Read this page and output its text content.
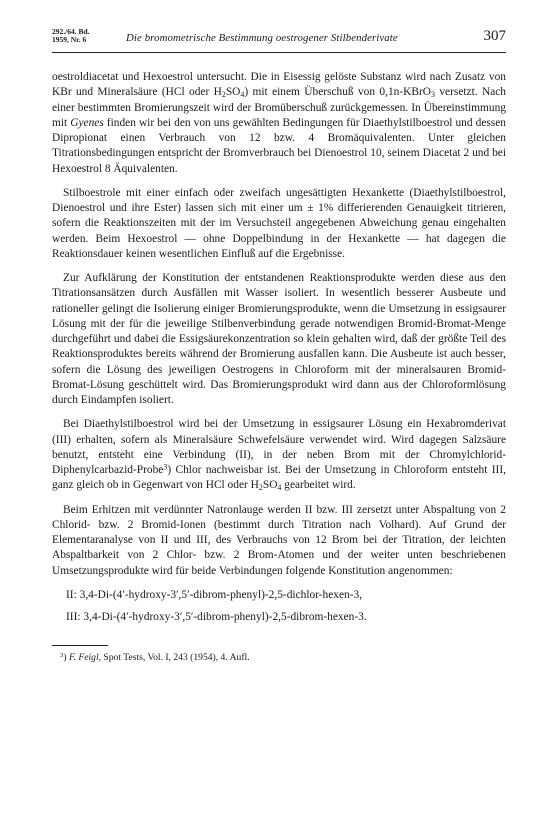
292./64. Bd.
1959, Nr. 6	Die bromometrische Bestimmung oestrogener Stilbenderivate	307

oestroldiacetat und Hexoestrol untersucht. Die in Eisessig gelöste Substanz wird nach Zusatz von KBr und Mineralsäure (HCl oder $H_2SO_4$) mit einem Überschuß von 0,1n-KBrO$_3$ versetzt. Nach einer bestimmten Bromierungszeit wird der Bromüberschuß zurückgemessen. In Übereinstimmung mit Gyenes finden wir bei den von uns gewählten Bedingungen für Diaethylstilboestrol und dessen Dipropionat einen Verbrauch von 12 bzw. 4 Bromäquivalenten. Unter gleichen Titrationsbedingungen entspricht der Bromverbrauch bei Dienoestrol 10, seinem Diacetat 2 und bei Hexoestrol 8 Äquivalenten.

Stilboestrole mit einer einfach oder zweifach ungesättigten Hexankette (Diaethylstilboestrol, Dienoestrol und ihre Ester) lassen sich mit einer um ± 1% differierenden Genauigkeit titrieren, sofern die Reaktionszeiten mit der im Versuchsteil angegebenen Abweichung genau eingehalten werden. Beim Hexoestrol — ohne Doppelbindung in der Hexankette — hat dagegen die Reaktionsdauer keinen wesentlichen Einfluß auf die Ergebnisse.

Zur Aufklärung der Konstitution der entstandenen Reaktionsprodukte werden diese aus den Titrationsansätzen durch Ausfällen mit Wasser isoliert. In wesentlich besserer Ausbeute und rationeller gelingt die Isolierung einiger Bromierungsprodukte, wenn die Umsetzung in essigsaurer Lösung mit der für die jeweilige Stilbenverbindung gerade notwendigen Bromid-Bromat-Menge durchgeführt und dabei die Essigsäurekonzentration so klein gehalten wird, daß der größte Teil des Reaktionsproduktes bereits während der Bromierung ausfallen kann. Die Ausbeute ist auch besser, sofern die Lösung des jeweiligen Oestrogens in Chloroform mit der mineralsauren Bromid-Bromat-Lösung geschüttelt wird. Das Bromierungsprodukt wird dann aus der Chloroformlösung durch Eindampfen isoliert.

Bei Diaethylstilboestrol wird bei der Umsetzung in essigsaurer Lösung ein Hexabromderivat (III) erhalten, sofern als Mineralsäure Schwefelsäure verwendet wird. Wird dagegen Salzsäure benutzt, entsteht eine Verbindung (II), in der neben Brom mit der Chromylchlorid-Diphenylcarbazid-Probe$^3$) Chlor nachweisbar ist. Bei der Umsetzung in Chloroform entsteht III, ganz gleich ob in Gegenwart von HCl oder $H_2SO_4$ gearbeitet wird.

Beim Erhitzen mit verdünnter Natronlauge werden II bzw. III zersetzt unter Abspaltung von 2 Chlorid- bzw. 2 Bromid-Ionen (bestimmt durch Titration nach Volhard). Auf Grund der Elementaranalyse von II und III, des Verbrauchs von 12 Brom bei der Titration, der leichten Abspaltbarkeit von 2 Chlor- bzw. 2 Brom-Atomen und der weiter unten beschriebenen Umsetzungsprodukte wird für beide Verbindungen folgende Konstitution angenommen:

II: 3,4-Di-(4′-hydroxy-3′,5′-dibrom-phenyl)-2,5-dichlor-hexen-3,
III: 3,4-Di-(4′-hydroxy-3′,5′-dibrom-phenyl)-2,5-dibrom-hexen-3.
$^3$) F. Feigl, Spot Tests, Vol. I, 243 (1954), 4. Aufl.
